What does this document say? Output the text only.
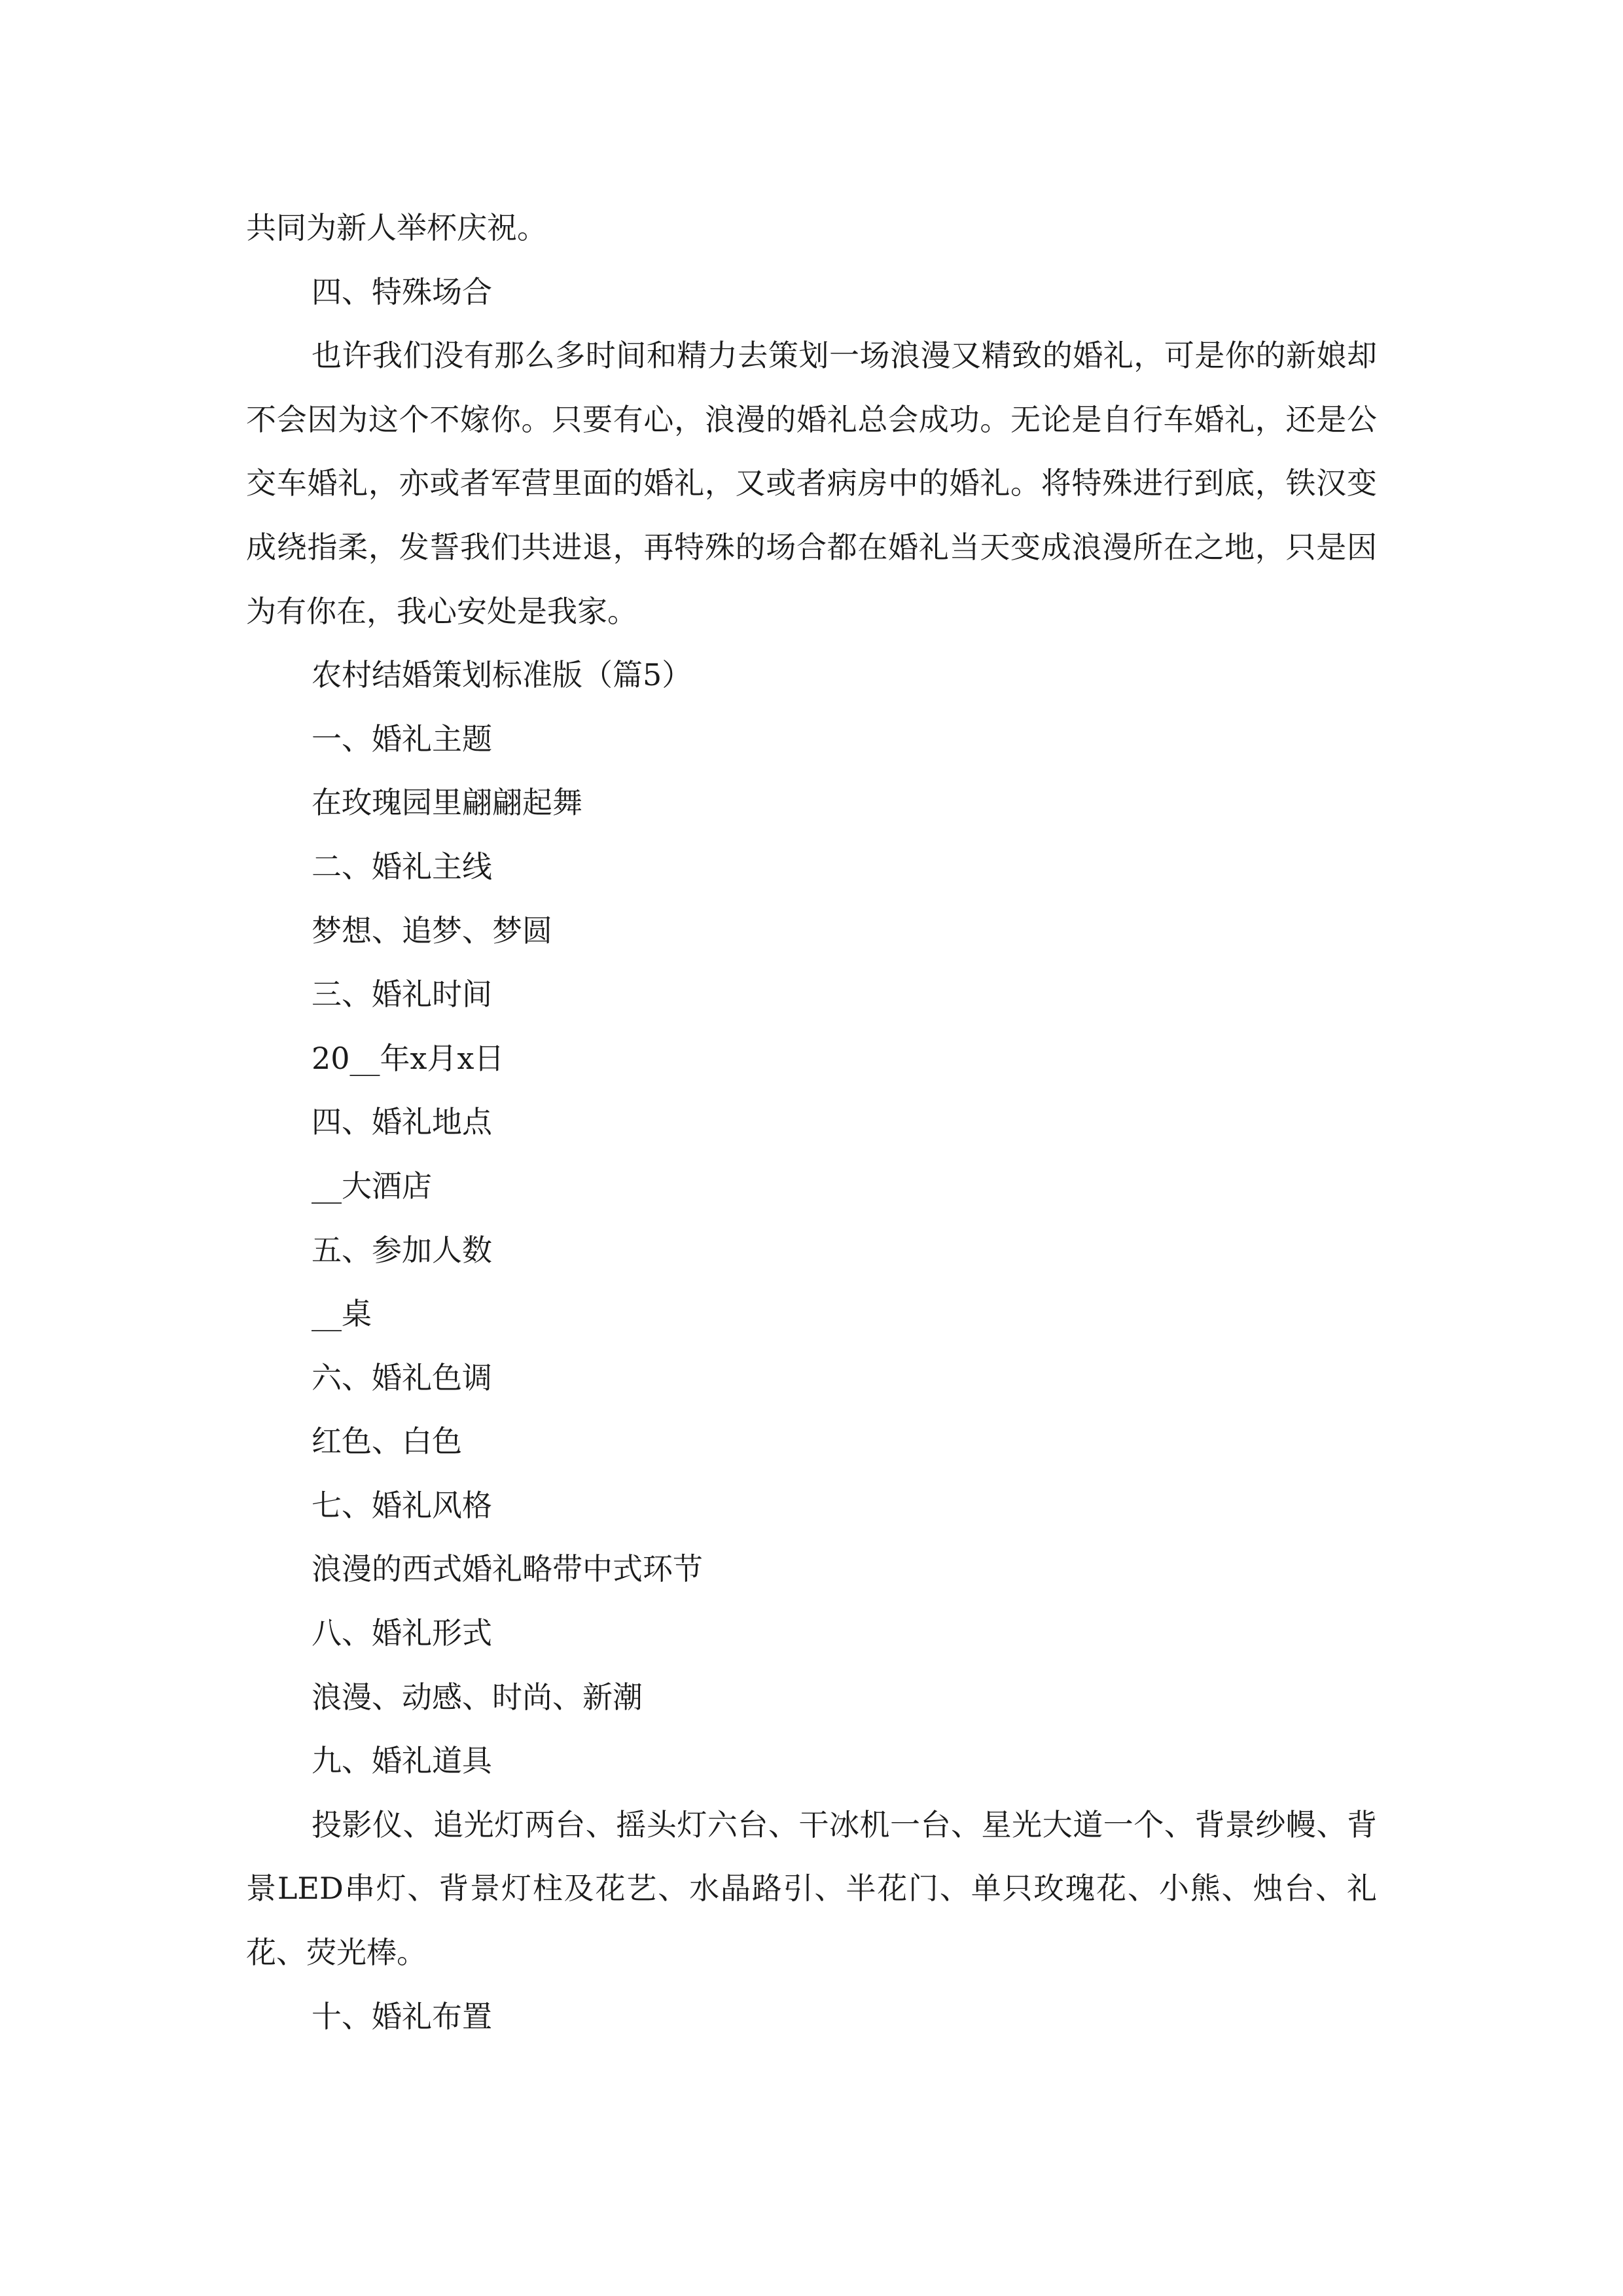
共同为新人举杯庆祝。
四、特殊场合
也许我们没有那么多时间和精力去策划一场浪漫又精致的婚礼，可是你的新娘却不会因为这个不嫁你。只要有心，浪漫的婚礼总会成功。无论是自行车婚礼，还是公交车婚礼，亦或者军营里面的婚礼，又或者病房中的婚礼。将特殊进行到底，铁汉变成绕指柔，发誓我们共进退，再特殊的场合都在婚礼当天变成浪漫所在之地，只是因为有你在，我心安处是我家。
农村结婚策划标准版（篇5）
一、婚礼主题
在玫瑰园里翩翩起舞
二、婚礼主线
梦想、追梦、梦圆
三、婚礼时间
20__年x月x日
四、婚礼地点
__大酒店
五、参加人数
__桌
六、婚礼色调
红色、白色
七、婚礼风格
浪漫的西式婚礼略带中式环节
八、婚礼形式
浪漫、动感、时尚、新潮
九、婚礼道具
投影仪、追光灯两台、摇头灯六台、干冰机一台、星光大道一个、背景纱幔、背景LED串灯、背景灯柱及花艺、水晶路引、半花门、单只玫瑰花、小熊、烛台、礼花、荧光棒。
十、婚礼布置
